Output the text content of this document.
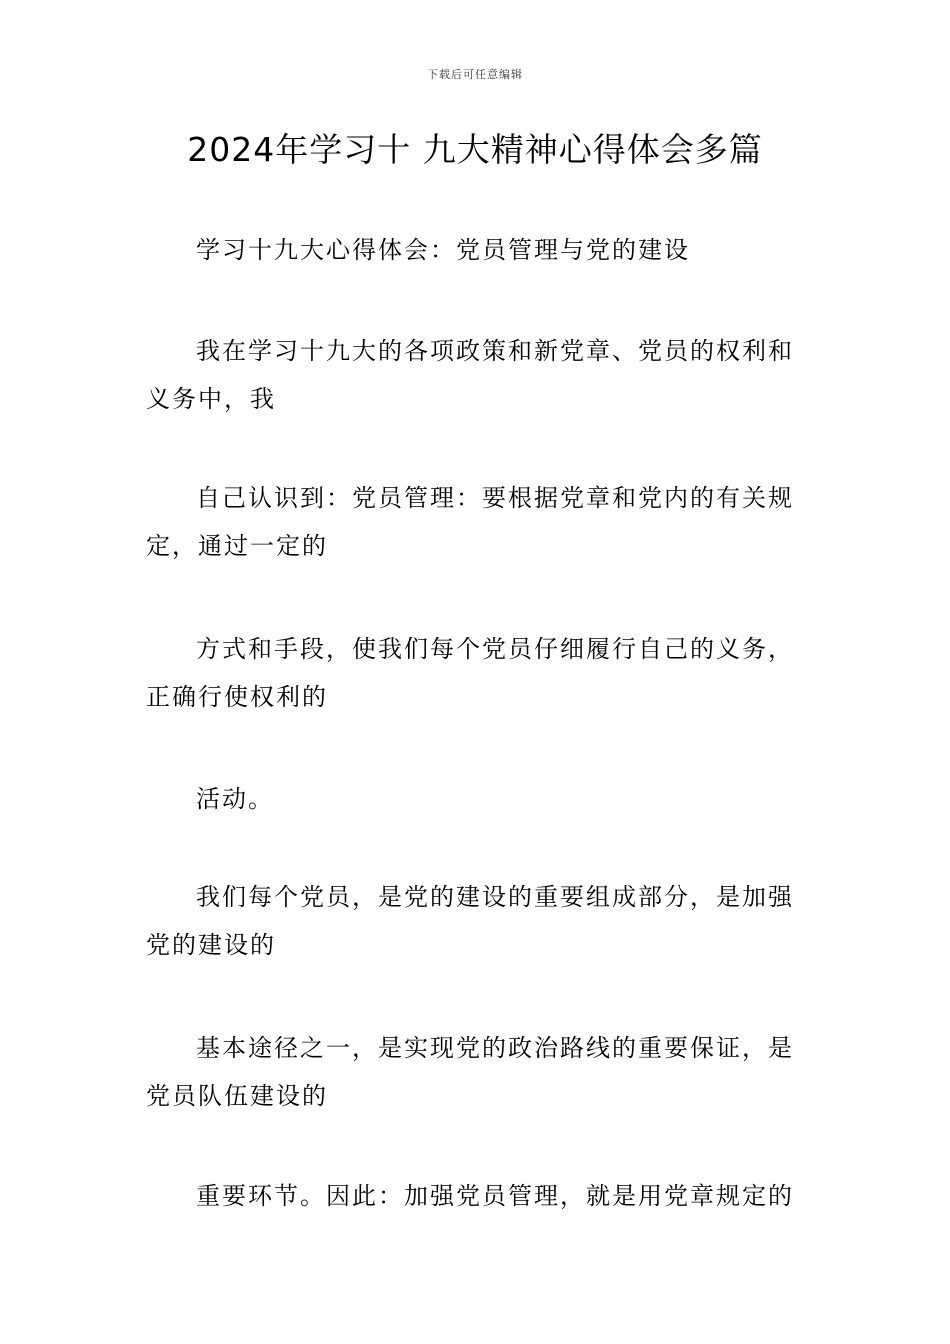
下载后可任意编辑
2024年学习十 九大精神心得体会多篇

学习十九大心得体会：党员管理与党的建设

我在学习十九大的各项政策和新党章、党员的权利和义务中，我

自己认识到：党员管理：要根据党章和党内的有关规定，通过一定的

方式和手段，使我们每个党员仔细履行自己的义务，正确行使权利的

活动。

我们每个党员，是党的建设的重要组成部分，是加强党的建设的

基本途径之一，是实现党的政治路线的重要保证，是党员队伍建设的

重要环节。因此：加强党员管理，就是用党章规定的
